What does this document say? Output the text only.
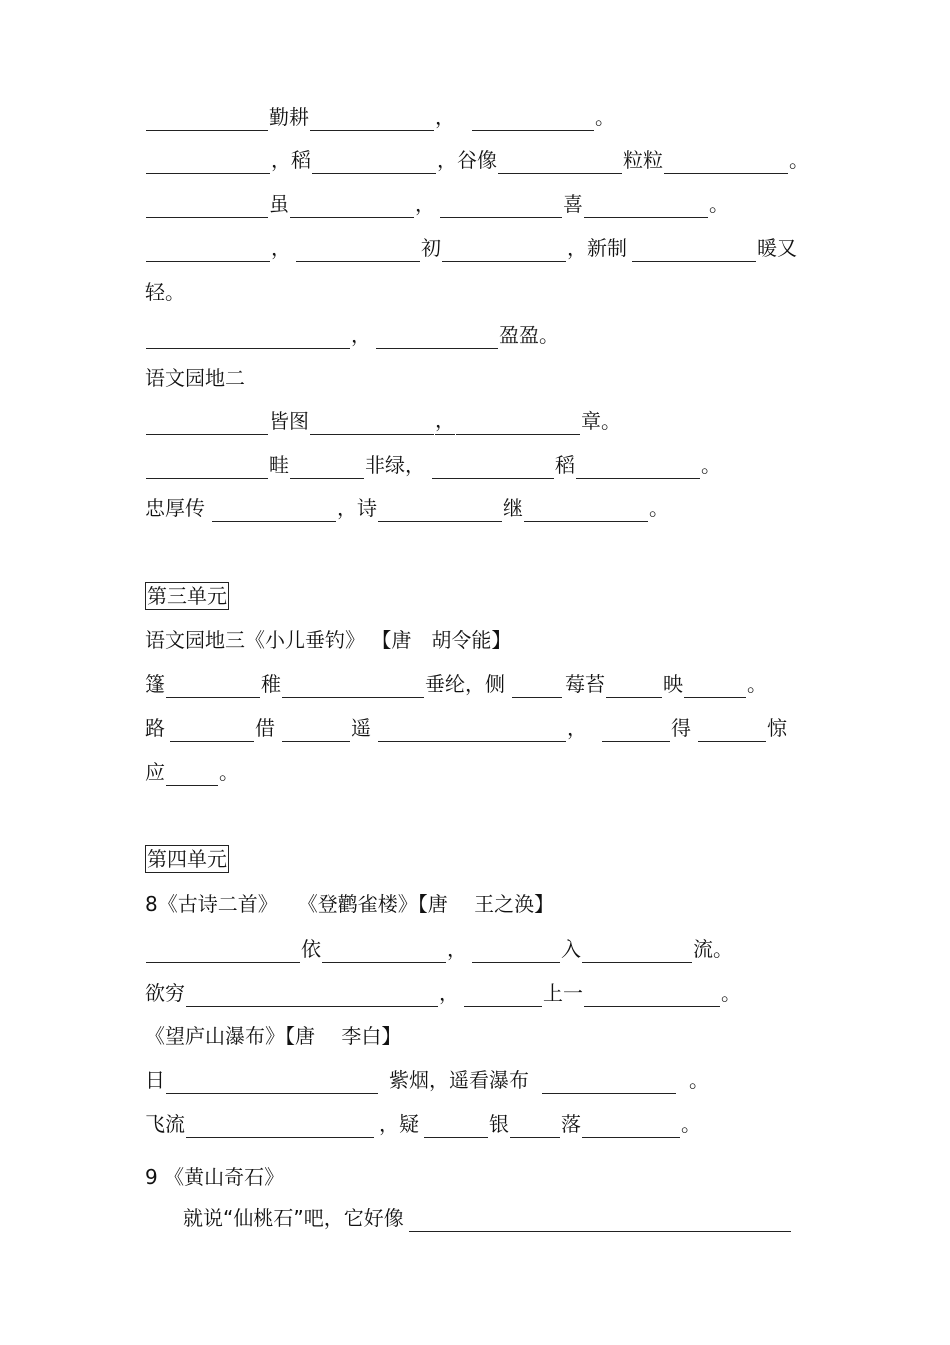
勤耕	，	。
，稻	，谷像	粒粒	。
虽	，	喜	。
，	初	，新制	暖又
轻。
，	盈盈。
语文园地二
皆图	，	章。
畦	非绿，	稻	。
忠厚传	，诗	继	。
第三单元
语文园地三《小儿垂钓》 【唐　胡令能】
篷	稚	垂纶，侧	莓苔	映	。
路	借	遥	，	得	惊
应	。
第四单元
8《古诗二首》　　《登鹳雀楼》【唐　 王之涣】
依	，	入	流。
欲穷	，	上一	。
《望庐山瀑布》【唐　 李白】
日	紫烟，遥看瀑布	。
飞流	，疑	银	落	。
9 《黄山奇石》
就说“仙桃石”吧，它好像
